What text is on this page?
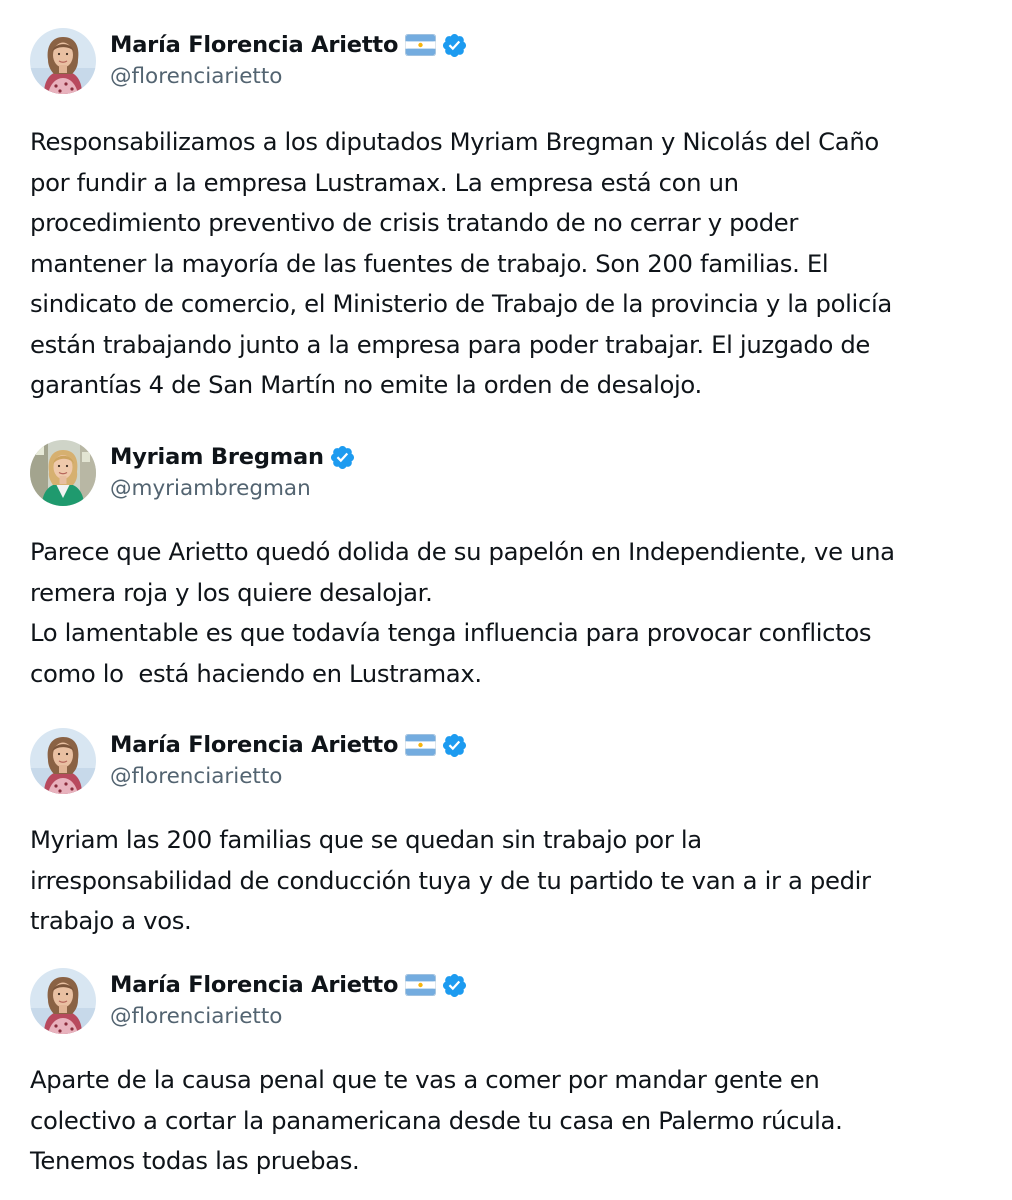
María Florencia Arietto
@florenciarietto
Responsabilizamos a los diputados Myriam Bregman y Nicolás del Caño
por fundir a la empresa Lustramax. La empresa está con un
procedimiento preventivo de crisis tratando de no cerrar y poder
mantener la mayoría de las fuentes de trabajo. Son 200 familias. El
sindicato de comercio, el Ministerio de Trabajo de la provincia y la policía
están trabajando junto a la empresa para poder trabajar. El juzgado de
garantías 4 de San Martín no emite la orden de desalojo.
Myriam Bregman
@myriambregman
Parece que Arietto quedó dolida de su papelón en Independiente, ve una
remera roja y los quiere desalojar.
Lo lamentable es que todavía tenga influencia para provocar conflictos
como lo  está haciendo en Lustramax.
María Florencia Arietto
@florenciarietto
Myriam las 200 familias que se quedan sin trabajo por la
irresponsabilidad de conducción tuya y de tu partido te van a ir a pedir
trabajo a vos.
María Florencia Arietto
@florenciarietto
Aparte de la causa penal que te vas a comer por mandar gente en
colectivo a cortar la panamericana desde tu casa en Palermo rúcula.
Tenemos todas las pruebas.
